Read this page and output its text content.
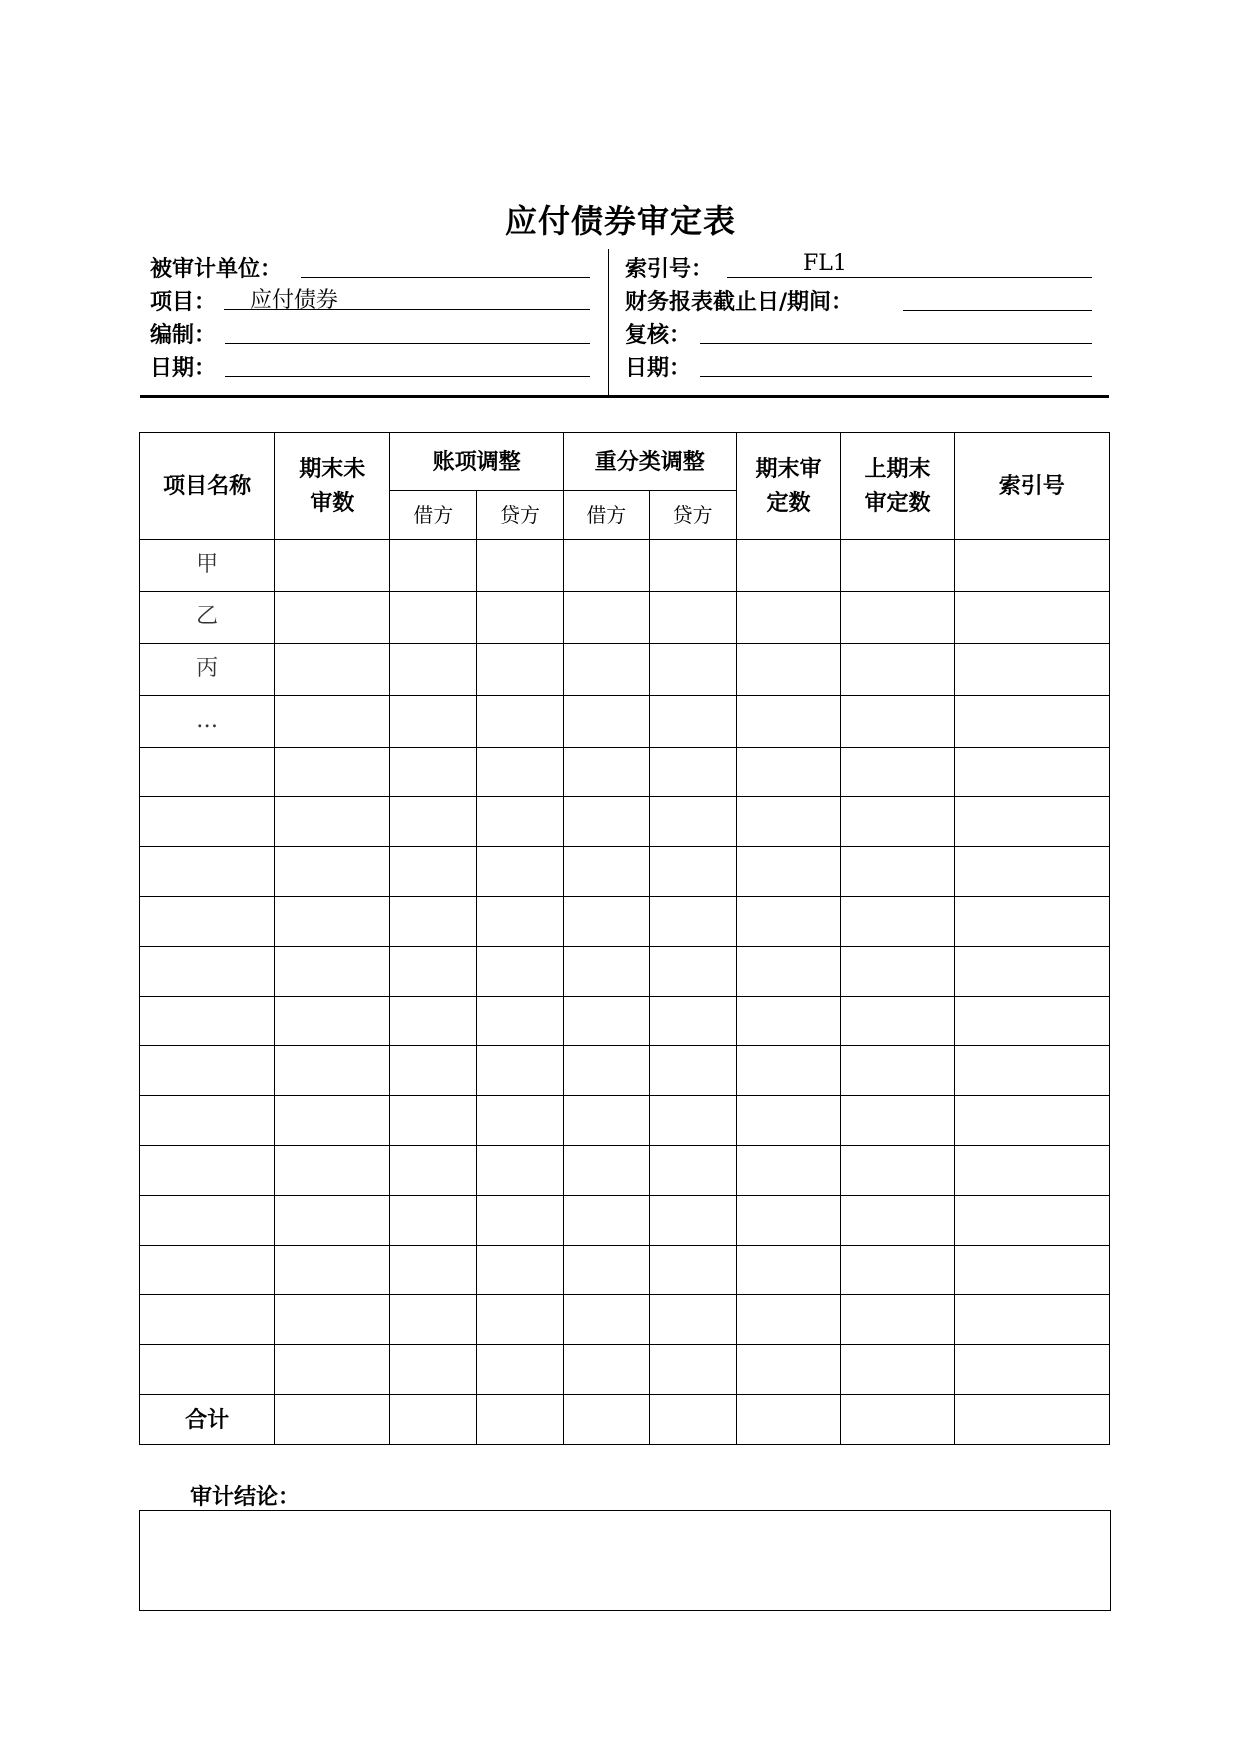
应付债券审定表
被审计单位：
项目： 应付债券
编制：
日期：
索引号：	FL1
财务报表截止日/期间：
复核：
日期：
项目名称	期末未审数	账项调整		重分类调整		期末审定数	上期末审定数	索引号
		借方	贷方	借方	贷方			
甲								
乙								
丙								
…								

合计								
审计结论：
